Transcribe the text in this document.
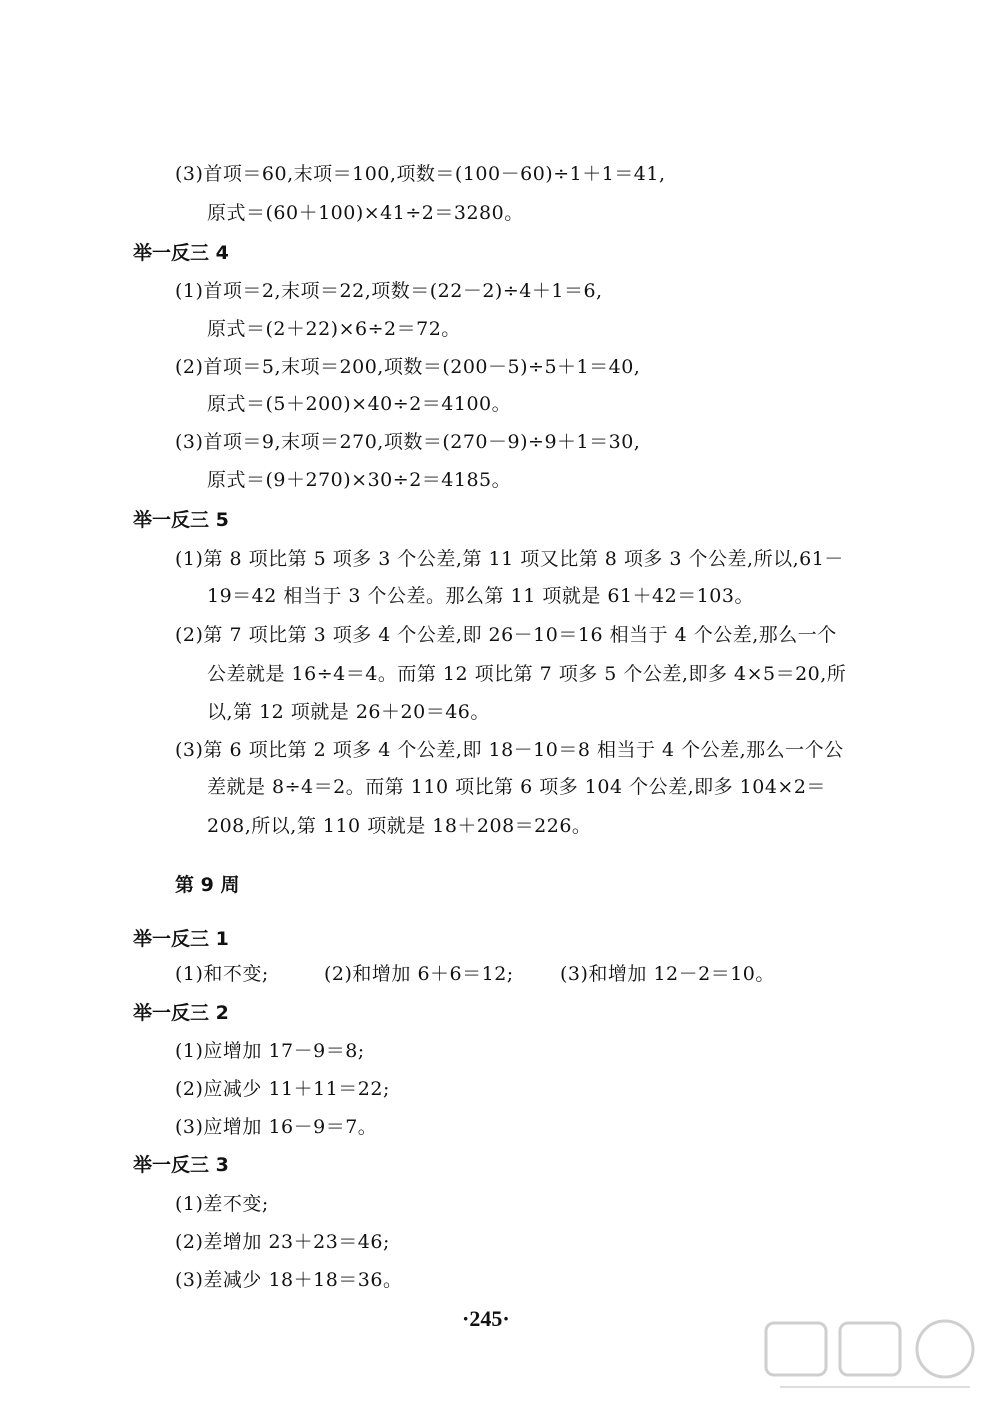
(3)首项＝60,末项＝100,项数＝(100－60)÷1＋1＝41,
原式＝(60＋100)×41÷2＝3280。
举一反三 4
(1)首项＝2,末项＝22,项数＝(22－2)÷4＋1＝6,
原式＝(2＋22)×6÷2＝72。
(2)首项＝5,末项＝200,项数＝(200－5)÷5＋1＝40,
原式＝(5＋200)×40÷2＝4100。
(3)首项＝9,末项＝270,项数＝(270－9)÷9＋1＝30,
原式＝(9＋270)×30÷2＝4185。
举一反三 5
(1)第 8 项比第 5 项多 3 个公差,第 11 项又比第 8 项多 3 个公差,所以,61－
19＝42 相当于 3 个公差。那么第 11 项就是 61＋42＝103。
(2)第 7 项比第 3 项多 4 个公差,即 26－10＝16 相当于 4 个公差,那么一个
公差就是 16÷4＝4。而第 12 项比第 7 项多 5 个公差,即多 4×5＝20,所
以,第 12 项就是 26＋20＝46。
(3)第 6 项比第 2 项多 4 个公差,即 18－10＝8 相当于 4 个公差,那么一个公
差就是 8÷4＝2。而第 110 项比第 6 项多 104 个公差,即多 104×2＝
208,所以,第 110 项就是 18＋208＝226。
第 9 周
举一反三 1
(1)和不变;	(2)和增加 6＋6＝12; (3)和增加 12－2＝10。
举一反三 2
(1)应增加 17－9＝8;
(2)应减少 11＋11＝22;
(3)应增加 16－9＝7。
举一反三 3
(1)差不变;
(2)差增加 23＋23＝46;
(3)差减少 18＋18＝36。
·245·
